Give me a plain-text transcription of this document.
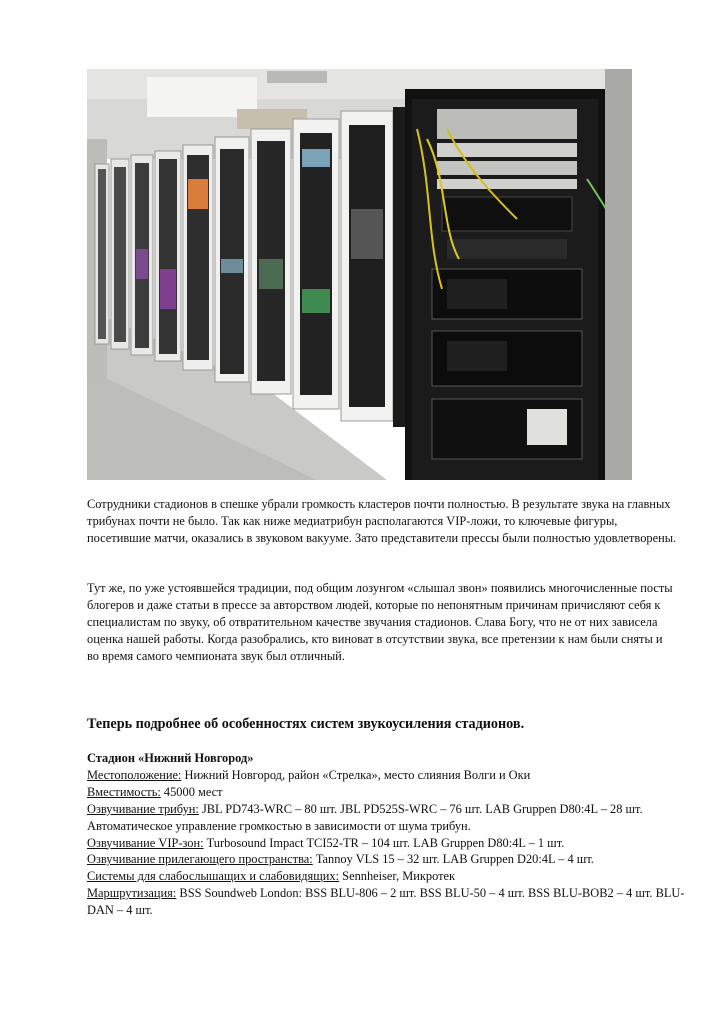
Сотрудники стадионов в спешке убрали громкость кластеров почти полностью. В результате звука на главных трибунах почти не было. Так как ниже медиатрибун располагаются VIP-ложи, то ключевые фигуры, посетившие матчи, оказались в звуковом вакууме. Зато представители прессы были полностью удовлетворены.
Тут же, по уже устоявшейся традиции, под общим лозунгом «слышал звон» появились многочисленные посты блогеров и даже статьи в прессе за авторством людей, которые по непонятным причинам причисляют себя к специалистам по звуку, об отвратительном качестве звучания стадионов. Слава Богу, что не от них зависела оценка нашей работы. Когда разобрались, кто виноват в отсутствии звука, все претензии к нам были сняты и во время самого чемпионата звук был отличный.
Теперь подробнее об особенностях систем звукоусиления стадионов.
Стадион «Нижний Новгород»
Местоположение: Нижний Новгород, район «Стрелка», место слияния Волги и Оки
Вместимость: 45000 мест
Озвучивание трибун: JBL PD743-WRC – 80 шт. JBL PD525S-WRC – 76 шт. LAB Gruppen D80:4L – 28 шт. Автоматическое управление громкостью в зависимости от шума трибун.
Озвучивание VIP-зон: Turbosound Impact TCI52-TR – 104 шт. LAB Gruppen D80:4L – 1 шт.
Озвучивание прилегающего пространства: Tannoy VLS 15 – 32 шт. LAB Gruppen D20:4L – 4 шт.
Системы для слабослышащих и слабовидящих: Sennheiser, Микротек
Маршрутизация: BSS Soundweb London: BSS BLU-806 – 2 шт. BSS BLU-50 – 4 шт. BSS BLU-BOB2 – 4 шт. BLU-DAN – 4 шт.
